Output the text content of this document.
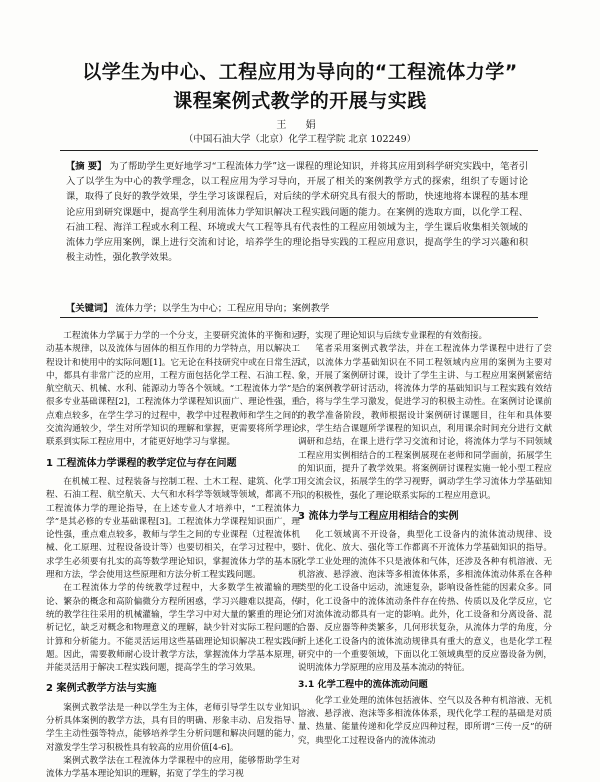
以学生为中心、工程应用为导向的“工程流体力学”
课程案例式教学的开展与实践
王 娟
（中国石油大学（北京）化学工程学院 北京 102249）
【摘 要】 为了帮助学生更好地学习“工程流体力学”这一课程的理论知识，并将其应用到科学研究实践中，笔者引入了以学生为中心的教学理念，以工程应用为学习导向，开展了相关的案例教学方式的探索，组织了专题讨论课，取得了良好的教学效果，学生学习该课程后，对后续的学术研究具有很大的帮助，快速地将本课程的基本理论应用到研究课题中，提高学生利用流体力学知识解决工程实践问题的能力。在案例的选取方面，以化学工程、石油工程、海洋工程或水利工程、环境或大气工程等具有代表性的工程应用领域为主，学生课后收集相关领域的流体力学应用案例，课上进行交流和讨论，培养学生的理论指导实践的工程应用意识，提高学生的学习兴趣和积极主动性，强化教学效果。
【关键词】 流体力学；以学生为中心；工程应用导向；案例教学

工程流体力学属于力学的一个分支，主要研究流体的平衡和运动基本规律，以及流体与固体的相互作用的力学特点，用以解决工程设计和使用中的实际问题[1]。它无论在科技研究中或在日常生活中，都具有非常广泛的应用，工程方面包括化学工程、石油工程、航空航天、机械、水利、能源动力等各个领域。“工程流体力学”是很多专业基础课程[2]，工程流体力学课程知识面广、理论性强，重点难点较多，在学生学习的过程中，教学中过程教师和学生之间的交流沟通较少，学生对所学知识的理解和掌握，更需要将所学理论联系到实际工程应用中，才能更好地学习与掌握。

1 工程流体力学课程的教学定位与存在问题

在机械工程、过程装备与控制工程、土木工程、建筑、化学工程、石油工程、航空航天、大气和水科学等领域等领域，都离不开工程流体力学的理论指导，在上述专业人才培养中，“工程流体力学”是其必修的专业基础课程[3]。工程流体力学课程知识面广，理论性强，重点难点较多，教师与学生之间的专业课程（过程流体机械、化工原理、过程设备设计等）也要切相关，在学习过程中，要求学生必须要有扎实的高等数学理论知识，掌握流体力学的基本原理和方法，学会使用这些原理和方法分析工程实践问题。

在工程流体力学的传统教学过程中，大多数学生被灌输的理论、繁杂的概念和高阶偏微分方程所困惑，学习兴趣难以提高，传统的教学往往采用的机械灌输，学生学习中对大量的繁重的理论分析记忆，缺乏对概念和物理意义的理解，缺少针对实际工程问题的计算和分析能力。不能灵活运用这些基础理论知识解决工程实践问题。因此，需要教师耐心设计教学方法，掌握流体力学基本原理，并能灵活用于解决工程实践问题，提高学生的学习效果。

2 案例式教学方法与实施

案例式教学法是一种以学生为主体，老师引导学生以专业知识分析具体案例的教学方法，具有目的明确、形象丰动、启发指导、学生主动性强等特点，能够培养学生分析问题和解决问题的能力，对激发学生学习积极性具有较高的应用价值[4-6]。

案例式教学法在工程流体力学课程中的应用，能够帮助学生对流体力学基本理论知识的理解，拓宽了学生的学习视

野，实现了理论知识与后续专业课程的有效衔接。

笔者采用案例式教学法，并在工程流体力学课程中进行了尝试，以流体力学基础知识在不同工程领域内应用的案例为主要对象，开展了案例研讨课，设计了学生主讲、与工程应用案例紧密结合的案例教学研讨活动，将流体力学的基础知识与工程实践有效结合，将与学生学习激发，促进学习的积极主动性。在案例讨论课前的教学准备阶段，教师根据设计案例研讨课题目，往年和具体要求，学生结合课题所学课程的知识点，利用课余时间充分进行文献调研和总结，在课上进行学习交流和讨论，将流体力学与不同领域工程应用实例相结合的工程案例展现在老师和同学面前，拓展学生的知识面，提升了教学效果。将案例研讨课程实施一轮小型工程应用交流会议，拓展学生的学习视野，调动学生学习流体力学基础知识的积极性，强化了理论联系实际的工程应用意识。

3 流体力学与工程应用相结合的实例

化工领域离不开设备，典型化工设备内的流体流动规律、设计、优化、放大、强化等工作都离不开流体力学基础知识的指导。化学工业处理的流体不只是液体和气体，还涉及各种有机溶液、无机溶液、悬浮液、泡沫等多相流体体系，多相流体流动体系在各种类型的化工设备中运动，流速复杂，影响设备性能的因素众多。同时，化工设备中的流体流动条件存在传热、传质以及化学反应，它们对流体流动都具有一定的影响。此外，化工设备和分离设备、混合器、反应器等种类繁多，几何形状复杂，从流体力学的角度，分析上述化工设备内的流体流动规律具有重大的意义，也是化学工程研究中的一个重要领域，下面以化工领域典型的反应器设备为例，说明流体力学原理的应用及基本流动的特征。

3.1 化学工程中的流体流动问题

化学工业处理的流体包括液体、空气以及各种有机溶液、无机溶液、悬浮液、泡沫等多相流体体系，现代化学工程的基础是对质量、热量、能量传递和化学反应四种过程，即所谓“三传一反”的研究，典型化工过程设备内的流体流动
